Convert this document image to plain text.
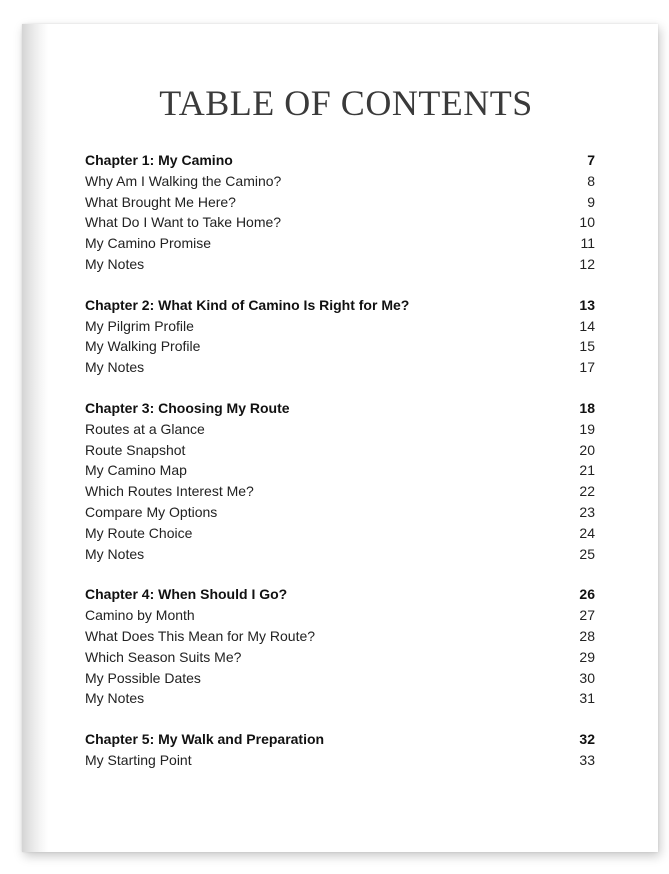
TABLE OF CONTENTS
Chapter 1: My Camino	7
Why Am I Walking the Camino?	8
What Brought Me Here?	9
What Do I Want to Take Home?	10
My Camino Promise	11
My Notes	12
Chapter 2: What Kind of Camino Is Right for Me?	13
My Pilgrim Profile	14
My Walking Profile	15
My Notes	17
Chapter 3: Choosing My Route	18
Routes at a Glance	19
Route Snapshot	20
My Camino Map	21
Which Routes Interest Me?	22
Compare My Options	23
My Route Choice	24
My Notes	25
Chapter 4: When Should I Go?	26
Camino by Month	27
What Does This Mean for My Route?	28
Which Season Suits Me?	29
My Possible Dates	30
My Notes	31
Chapter 5: My Walk and Preparation	32
My Starting Point	33
